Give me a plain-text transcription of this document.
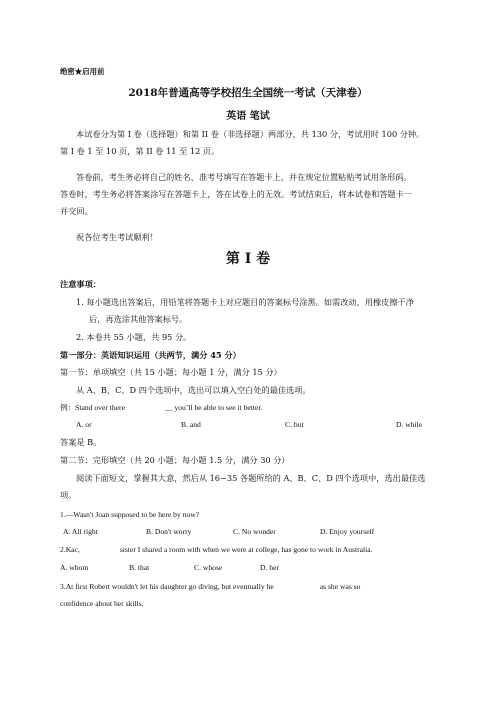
绝密★启用前
2018年普通高等学校招生全国统一考试（天津卷）
英语 笔试
本试卷分为第 I 卷（选择题）和第 II 卷（非选择题）两部分，共 130 分，考试用时 100 分钟。
第 I 卷 1 至 10 页，第 II 卷 11 至 12 页。
答卷前，考生务必将自己的姓名、准考号填写在答题卡上，并在规定位置粘贴考试用条形码。
答卷时，考生务必将答案涂写在答题卡上，答在试卷上的无效。考试结束后，将本试卷和答题卡一
并交回。
祝各位考生考试顺利！
第 I 卷
注意事项：
1. 每小题选出答案后，用铅笔将答题卡上对应题目的答案标号涂黑。如需改动，用橡皮擦干净
后，再选涂其他答案标号。
2. 本卷共 55 小题，共 95 分。
第一部分：英语知识运用（共两节，满分 45 分）
第一节：单项填空（共 15 小题；每小题 1 分，满分 15 分）
从 A、B、C、D 四个选项中，选出可以填入空白处的最佳选项。
例：Stand over there	__ you’ll be able to see it better.
A. or	B. and	C. but	D. while
答案是 B。
第二节：完形填空（共 20 小题；每小题 1.5 分，满分 30 分）
阅读下面短文，掌握其大意，然后从 16~35 各题所给的 A、B、C、D 四个选项中，选出最佳选
项。
1.—Wasn't Joan supposed to be here by now?
A. All right	B. Don't worry	C. No wonder	D. Enjoy yourself
2.Kac,	sister I shared a room with when we were at college, has gone to work in Australia.
A. whom	B. that	C. whose	D. her
3.At first Robert wouldn't let his daughter go diving, but eventually he	as she was so
confidence about her skills.
